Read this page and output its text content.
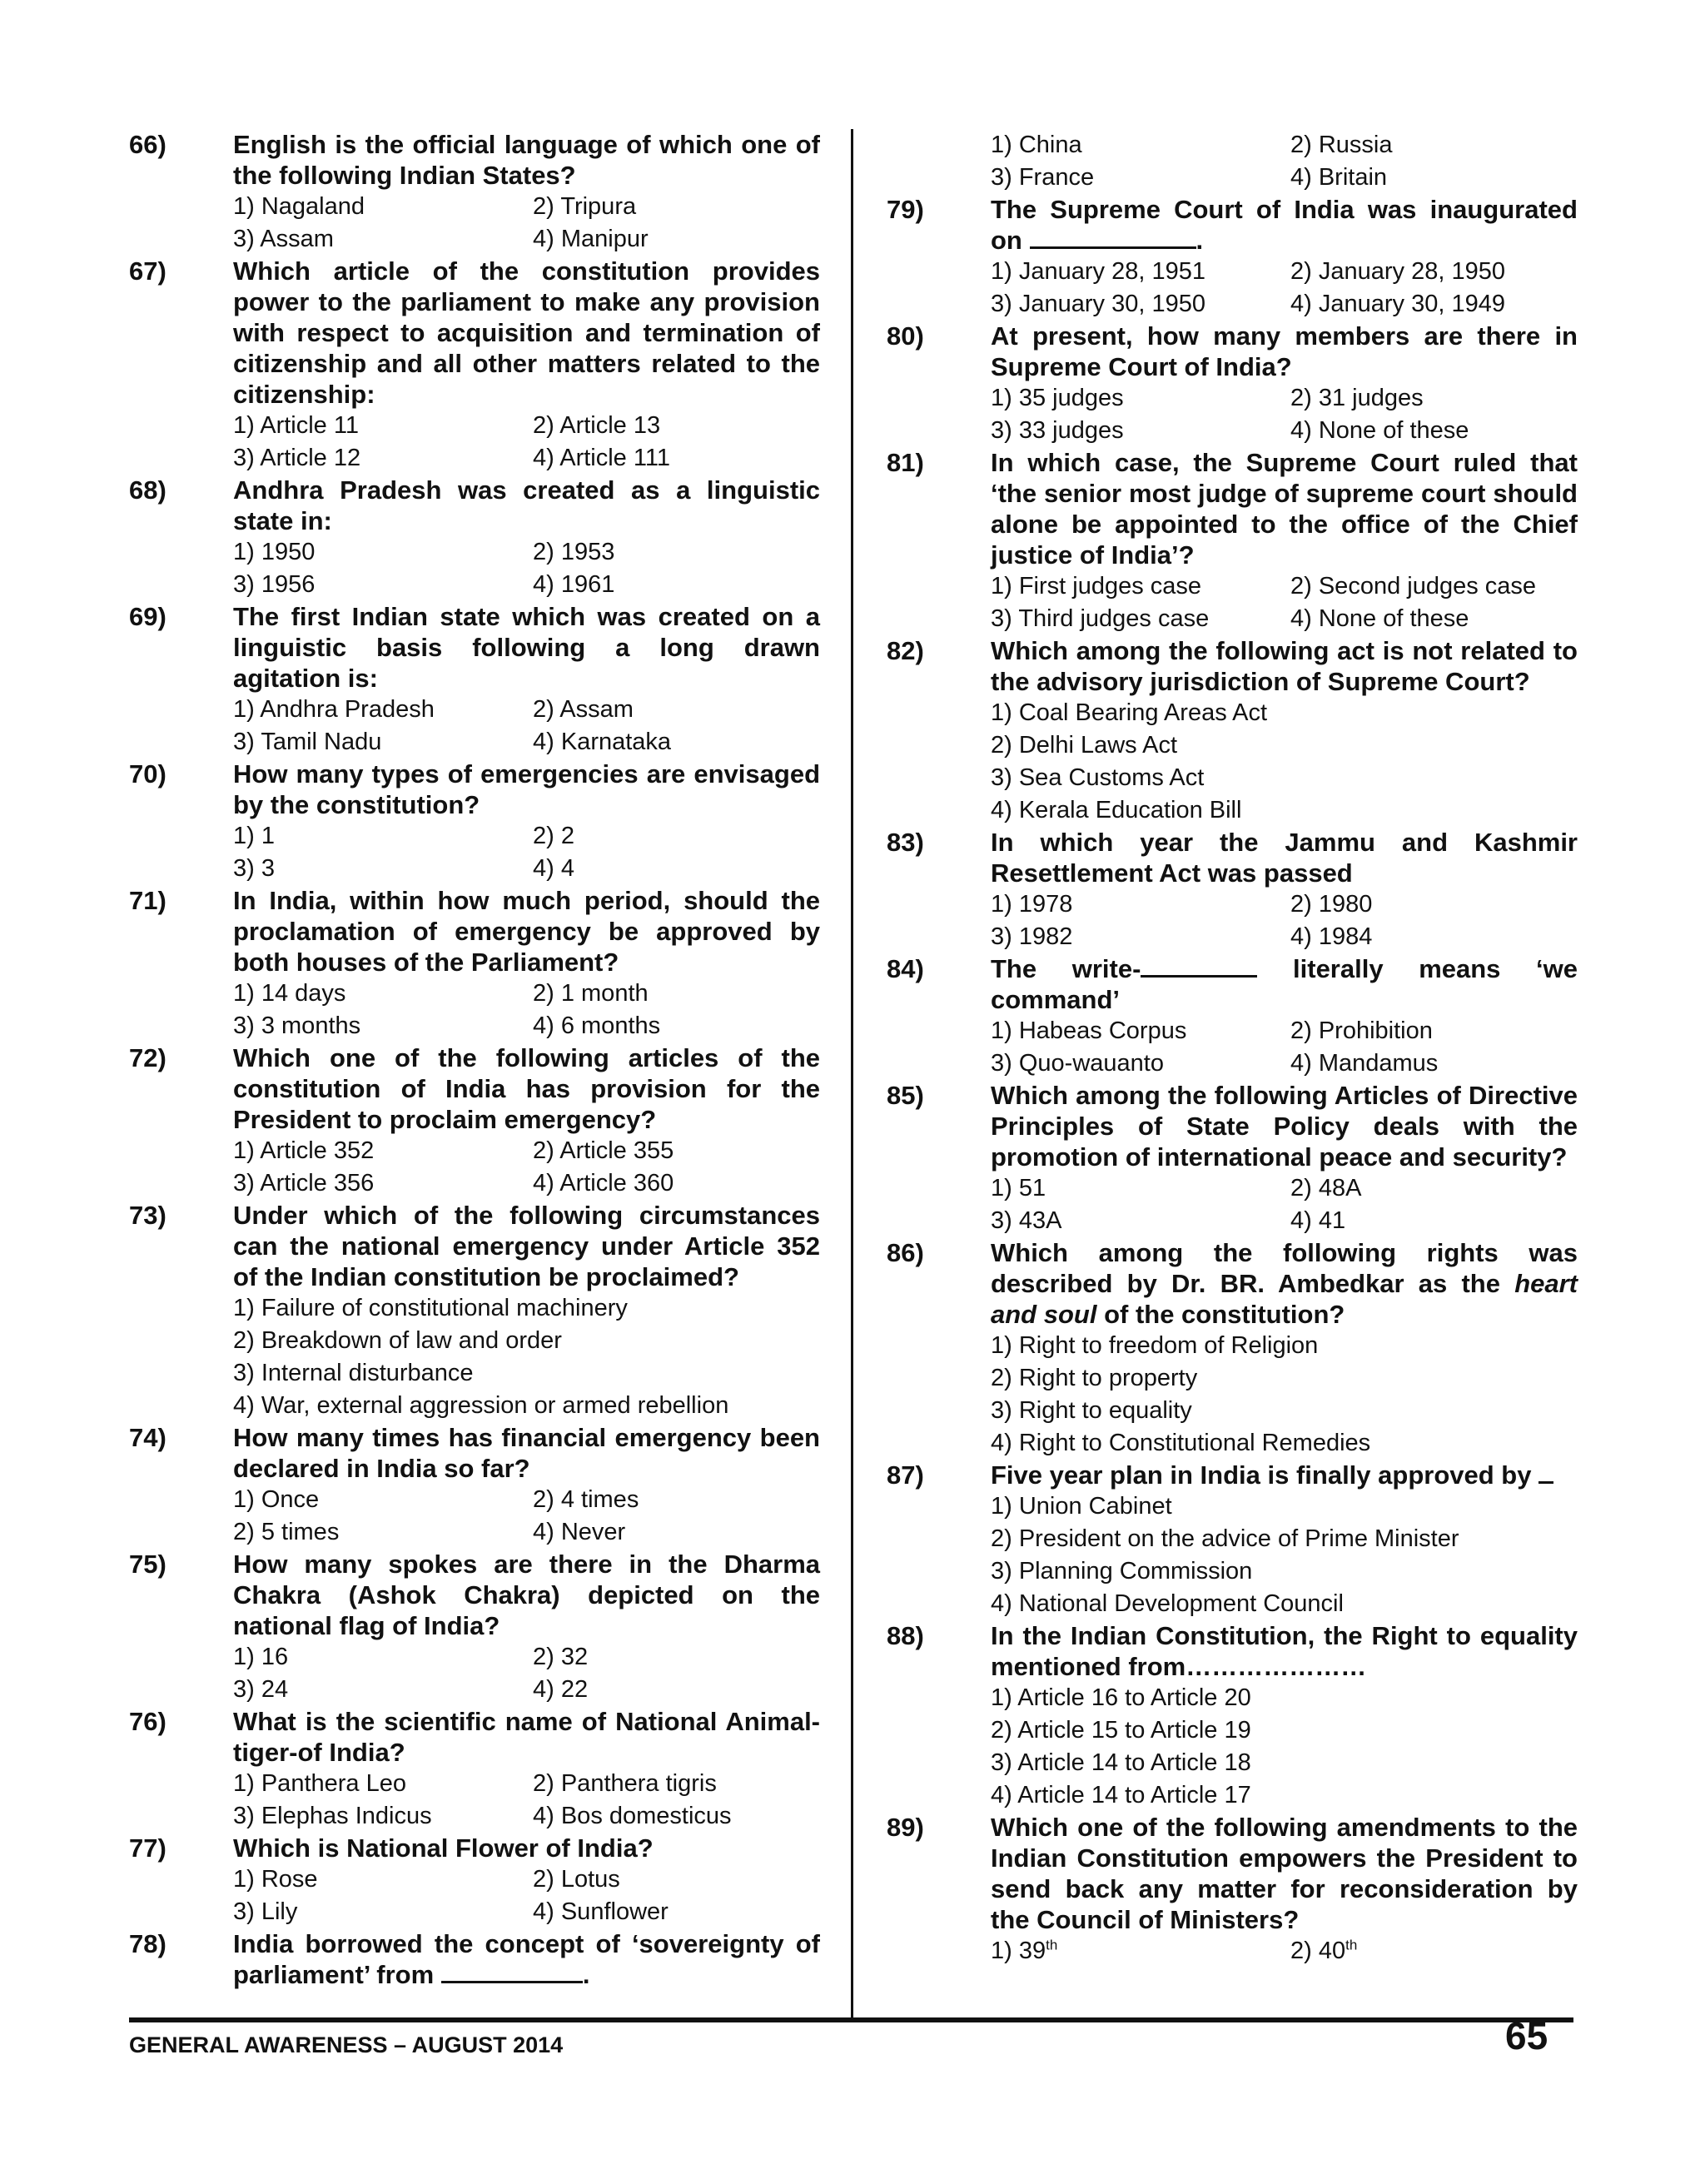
66)	English is the official language of which one of the following Indian States?
1) Nagaland	2) Tripura
3) Assam	4) Manipur
67)	Which article of the constitution provides power to the parliament to make any provision with respect to acquisition and termination of citizenship and all other matters related to the citizenship:
1) Article 11	2) Article 13
3) Article 12	4) Article 111
68)	Andhra Pradesh was created as a linguistic state in:
1) 1950	2) 1953
3) 1956	4) 1961
69)	The first Indian state which was created on a linguistic basis following a long drawn agitation is:
1) Andhra Pradesh	2) Assam
3) Tamil Nadu	4) Karnataka
70)	How many types of emergencies are envisaged by the constitution?
1) 1	2) 2
3) 3	4) 4
71)	In India, within how much period, should the proclamation of emergency be approved by both houses of the Parliament?
1) 14 days	2) 1 month
3) 3 months	4) 6 months
72)	Which one of the following articles of the constitution of India has provision for the President to proclaim emergency?
1) Article 352	2) Article 355
3) Article 356	4) Article 360
73)	Under which of the following circumstances can the national emergency under Article 352 of the Indian constitution be proclaimed?
1) Failure of constitutional machinery
2) Breakdown of law and order
3) Internal disturbance
4) War, external aggression or armed rebellion
74)	How many times has financial emergency been declared in India so far?
1) Once	2) 4 times
2) 5 times	4) Never
75)	How many spokes are there in the Dharma Chakra (Ashok Chakra) depicted on the national flag of India?
1) 16	2) 32
3) 24	4) 22
76)	What is the scientific name of National Animal-tiger-of India?
1) Panthera Leo	2) Panthera tigris
3) Elephas Indicus	4) Bos domesticus
77)	Which is National Flower of India?
1) Rose	2) Lotus
3) Lily	4) Sunflower
78)	India borrowed the concept of ‘sovereignty of parliament’ from	.
1) China	2) Russia
3) France	4) Britain
79)	The Supreme Court of India was inaugurated on	.
1) January 28, 1951	2) January 28, 1950
3) January 30, 1950	4) January 30, 1949
80)	At present, how many members are there in Supreme Court of India?
1) 35 judges	2) 31 judges
3) 33 judges	4) None of these
81)	In which case, the Supreme Court ruled that ‘the senior most judge of supreme court should alone be appointed to the office of the Chief justice of India’?
1) First judges case	2) Second judges case
3) Third judges case	4) None of these
82)	Which among the following act is not related to the advisory jurisdiction of Supreme Court?
1) Coal Bearing Areas Act
2) Delhi Laws Act
3) Sea Customs Act
4) Kerala Education Bill
83)	In which year the Jammu and Kashmir Resettlement Act was passed
1) 1978	2) 1980
3) 1982	4) 1984
84)	The write-	literally means ‘we command’
1) Habeas Corpus	2) Prohibition
3) Quo-wauanto	4) Mandamus
85)	Which among the following Articles of Directive Principles of State Policy deals with the promotion of international peace and security?
1) 51	2) 48A
3) 43A	4) 41
86)	Which among the following rights was described by Dr. BR. Ambedkar as the heart and soul of the constitution?
1) Right to freedom of Religion
2) Right to property
3) Right to equality
4) Right to Constitutional Remedies
87)	Five year plan in India is finally approved by
1) Union Cabinet
2) President on the advice of Prime Minister
3) Planning Commission
4) National Development Council
88)	In the Indian Constitution, the Right to equality mentioned from…………………
1) Article 16 to Article 20
2) Article 15 to Article 19
3) Article 14 to Article 18
4) Article 14 to Article 17
89)	Which one of the following amendments to the Indian Constitution empowers the President to send back any matter for reconsideration by the Council of Ministers?
1) 39th	2) 40th
GENERAL AWARENESS – AUGUST 2014	65
